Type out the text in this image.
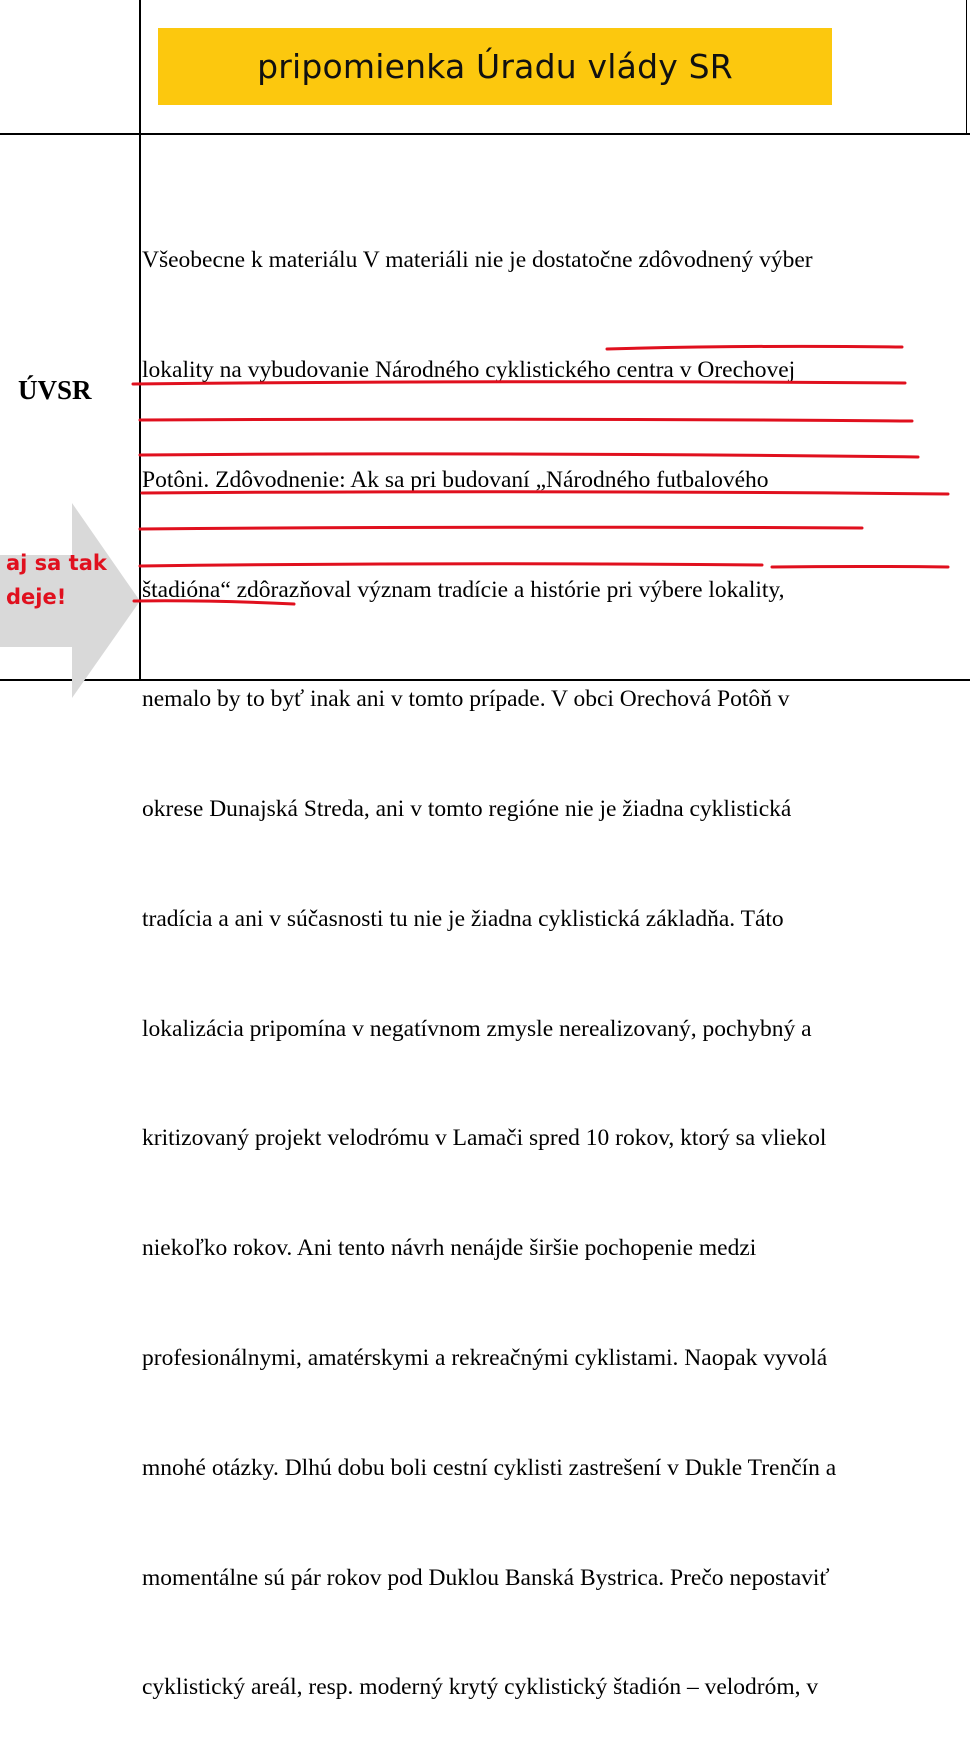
pripomienka Úradu vlády SR
ÚVSR

Všeobecne k materiálu V materiáli nie je dostatočne zdôvodnený výber

lokality na vybudovanie Národného cyklistického centra v Orechovej

Potôni. Zdôvodnenie: Ak sa pri budovaní „Národného futbalového

štadióna“ zdôrazňoval význam tradície a histórie pri výbere lokality,

nemalo by to byť inak ani v tomto prípade. V obci Orechová Potôň v

okrese Dunajská Streda, ani v tomto regióne nie je žiadna cyklistická

tradícia a ani v súčasnosti tu nie je žiadna cyklistická základňa. Táto

lokalizácia pripomína v negatívnom zmysle nerealizovaný, pochybný a

kritizovaný projekt velodrómu v Lamači spred 10 rokov, ktorý sa vliekol

niekoľko rokov. Ani tento návrh nenájde širšie pochopenie medzi

profesionálnymi, amatérskymi a rekreačnými cyklistami. Naopak vyvolá

mnohé otázky. Dlhú dobu boli cestní cyklisti zastrešení v Dukle Trenčín a

momentálne sú pár rokov pod Duklou Banská Bystrica. Prečo nepostaviť

cyklistický areál, resp. moderný krytý cyklistický štadión – velodróm, v

aj sa tak
deje!
